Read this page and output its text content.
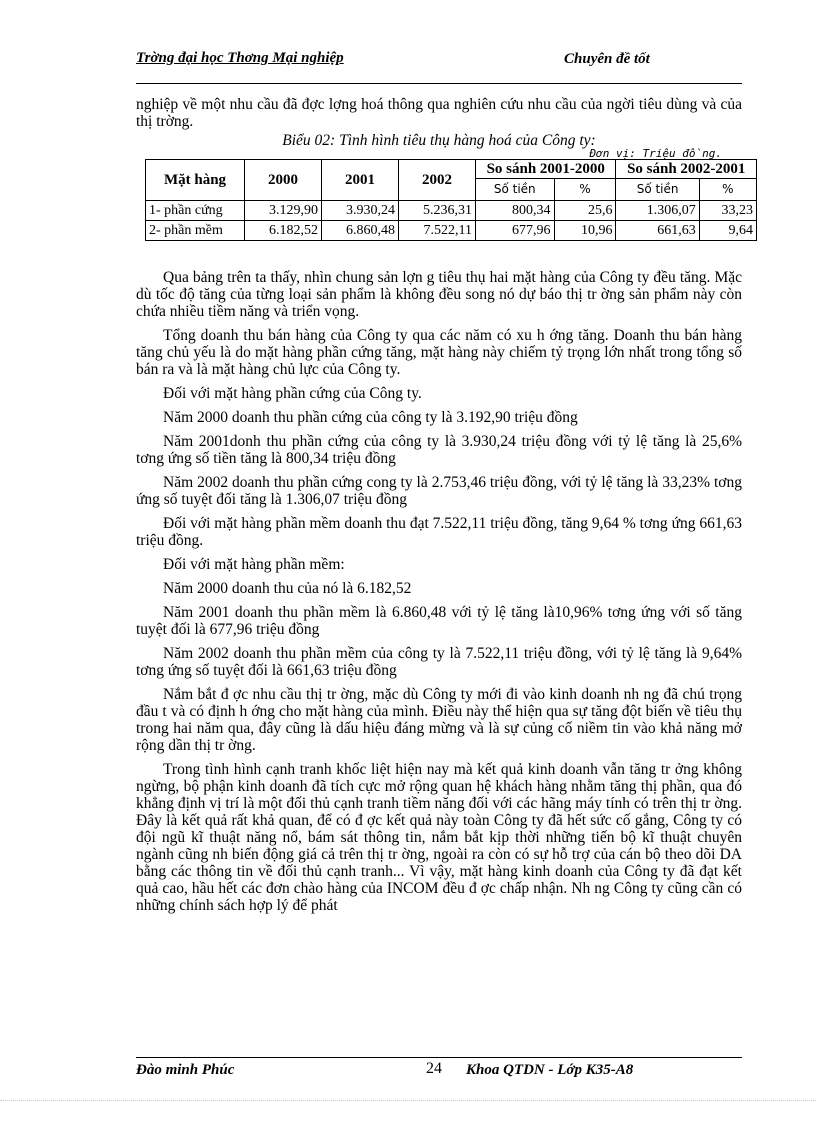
Trờng đại học Thơng Mại nghiệp	Chuyên đề tốt

nghiệp về một nhu cầu đã đợc lợng hoá thông qua nghiên cứu nhu cầu của ngời tiêu dùng và của thị trờng.

Biểu 02: Tình hình tiêu thụ hàng hoá của Công ty:
Đơn vị: Triệu đồng.
Mặt hàng	2000	2001	2002	So sánh 2001-2000		So sánh 2002-2001	
				Số tiền	%	Số tiền	%
1- phần cứng	3.129,90	3.930,24	5.236,31	800,34	25,6	1.306,07	33,23
2- phần mềm	6.182,52	6.860,48	7.522,11	677,96	10,96	661,63	9,64

Qua bảng trên ta thấy, nhìn chung sản lợn g tiêu thụ hai mặt hàng của Công ty đều tăng. Mặc dù tốc độ tăng của từng loại sản phẩm là không đều song nó dự báo thị tr ờng sản phẩm này còn chứa nhiều tiềm năng và triển vọng.

Tổng doanh thu bán hàng của Công ty qua các năm có xu h ớng tăng. Doanh thu bán hàng tăng chủ yếu là do mặt hàng phần cứng tăng, mặt hàng này chiếm tỷ trọng lớn nhất trong tổng số bán ra và là mặt hàng chủ lực của Công ty.

Đối với mặt hàng phần cứng của Công ty.

Năm 2000 doanh thu phần cứng của công ty là 3.192,90 triệu đồng

Năm 2001donh thu phần cứng của công ty là 3.930,24 triệu đồng với tỷ lệ tăng là 25,6% tơng ứng số tiền tăng là 800,34 triệu đồng

Năm 2002 doanh thu phần cứng cong ty là 2.753,46 triệu đồng, với tỷ lệ tăng là 33,23% tơng ứng số tuyệt đối tăng là 1.306,07 triệu đồng

Đối với mặt hàng phần mềm doanh thu đạt 7.522,11 triệu đồng, tăng 9,64 % tơng ứng 661,63 triệu đồng.

Đối với mặt hàng phần mềm:

Năm 2000 doanh thu của nó là 6.182,52

Năm 2001 doanh thu phần mềm là 6.860,48 với tỷ lệ tăng là10,96% tơng ứng với số tăng tuyệt đối là 677,96 triệu đồng

Năm 2002 doanh thu phần mềm của công ty là 7.522,11 triệu đồng, với tỷ lệ tăng là 9,64% tơng ứng số tuyệt đối là 661,63 triệu đồng

Nắm bắt đ ợc nhu cầu thị tr ờng, mặc dù Công ty mới đi vào kinh doanh nh ng đã chú trọng đầu t và có định h ớng cho mặt hàng của mình. Điều này thể hiện qua sự tăng đột biến về tiêu thụ trong hai năm qua, đây cũng là dấu hiệu đáng mừng và là sự củng cố niềm tin vào khả năng mở rộng dần thị tr ờng.

Trong tình hình cạnh tranh khốc liệt hiện nay mà kết quả kinh doanh vẫn tăng tr ởng không ngừng, bộ phận kinh doanh đã tích cực mở rộng quan hệ khách hàng nhằm tăng thị phần, qua đó khẳng định vị trí là một đối thủ cạnh tranh tiềm năng đối với các hãng máy tính có trên thị tr ờng. Đây là kết quả rất khả quan, để có đ ợc kết quả này toàn Công ty đã hết sức cố gắng, Công ty có đội ngũ kĩ thuật năng nổ, bám sát thông tin, nắm bắt kịp thời những tiến bộ kĩ thuật chuyên ngành cũng nh biến động giá cả trên thị tr ờng, ngoài ra còn có sự hỗ trợ của cán bộ theo dõi DA bằng các thông tin về đối thủ cạnh tranh... Vì vậy, mặt hàng kinh doanh của Công ty đã đạt kết quả cao, hầu hết các đơn chào hàng của INCOM đều đ ợc chấp nhận. Nh ng Công ty cũng cần có những chính sách hợp lý để phát

Đào minh Phúc	24 Khoa QTDN - Lớp K35-A8
